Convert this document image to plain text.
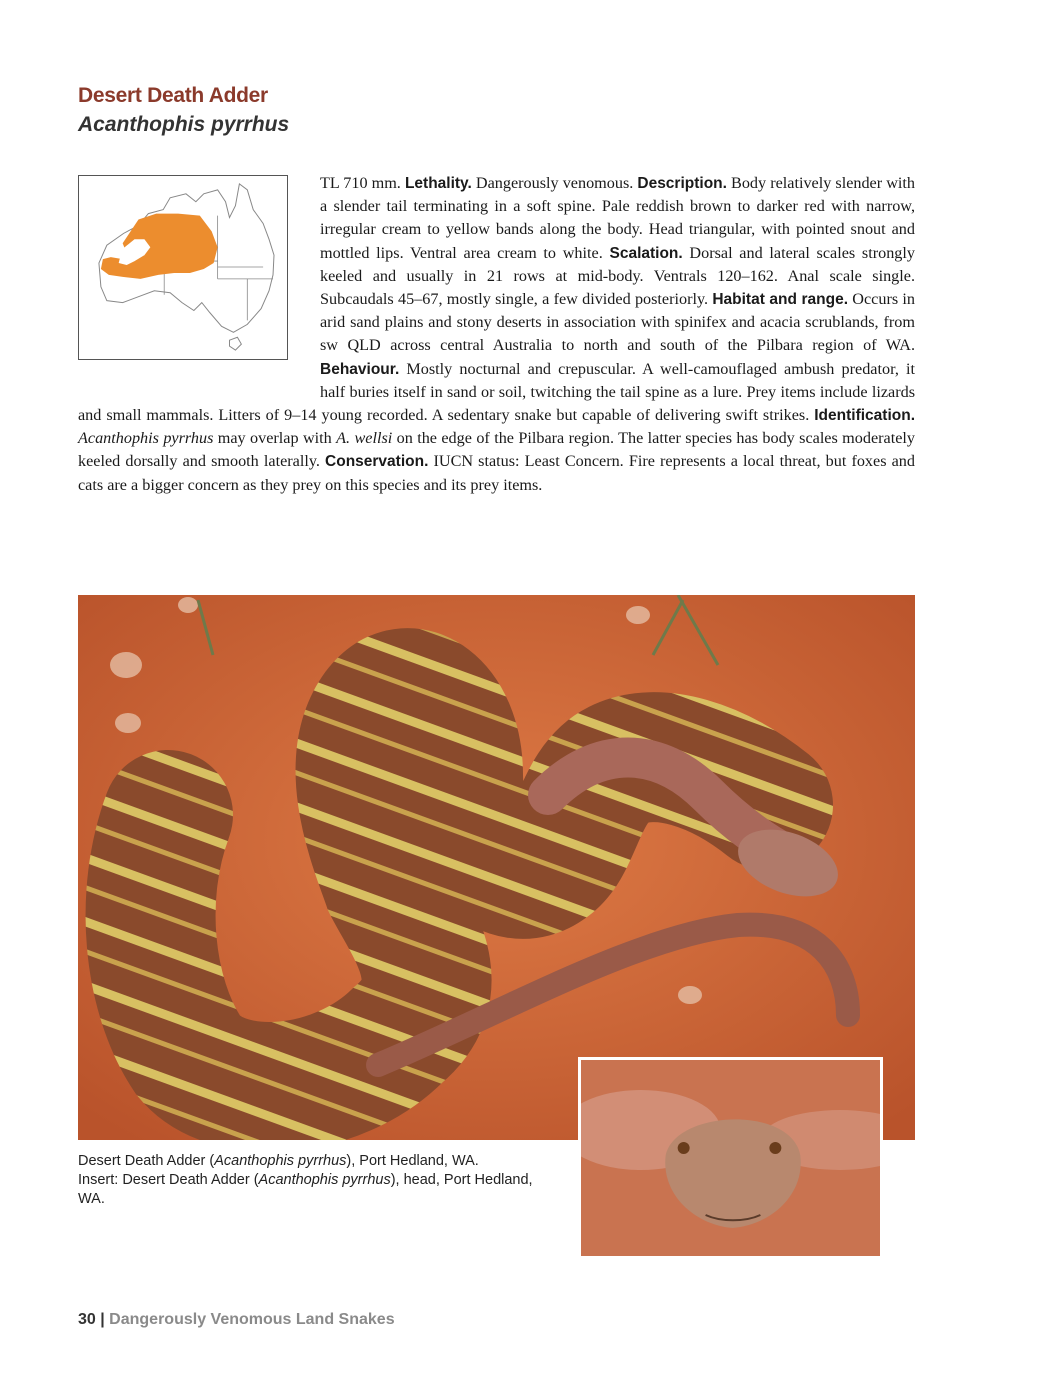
Desert Death Adder
Acanthophis pyrrhus

TL 710 mm. Lethality. Dangerously venomous. Description. Body relatively slender with a slender tail terminating in a soft spine. Pale reddish brown to darker red with narrow, irregular cream to yellow bands along the body. Head triangular, with pointed snout and mottled lips. Ventral area cream to white. Scalation. Dorsal and lateral scales strongly keeled and usually in 21 rows at mid-body. Ventrals 120–162. Anal scale single. Subcaudals 45–67, mostly single, a few divided posteriorly. Habitat and range. Occurs in arid sand plains and stony deserts in association with spinifex and acacia scrublands, from sw QLD across central Australia to north and south of the Pilbara region of WA. Behaviour. Mostly nocturnal and crepuscular. A well-camouflaged ambush predator, it half buries itself in sand or soil, twitching the tail spine as a lure. Prey items include lizards and small mammals. Litters of 9–14 young recorded. A sedentary snake but capable of delivering swift strikes. Identification. Acanthophis pyrrhus may overlap with A. wellsi on the edge of the Pilbara region. The latter species has body scales moderately keeled dorsally and smooth laterally. Conservation. IUCN status: Least Concern. Fire represents a local threat, but foxes and cats are a bigger concern as they prey on this species and its prey items.

Desert Death Adder (Acanthophis pyrrhus), Port Hedland, WA.
Insert: Desert Death Adder (Acanthophis pyrrhus), head, Port Hedland, WA.

30 | Dangerously Venomous Land Snakes
